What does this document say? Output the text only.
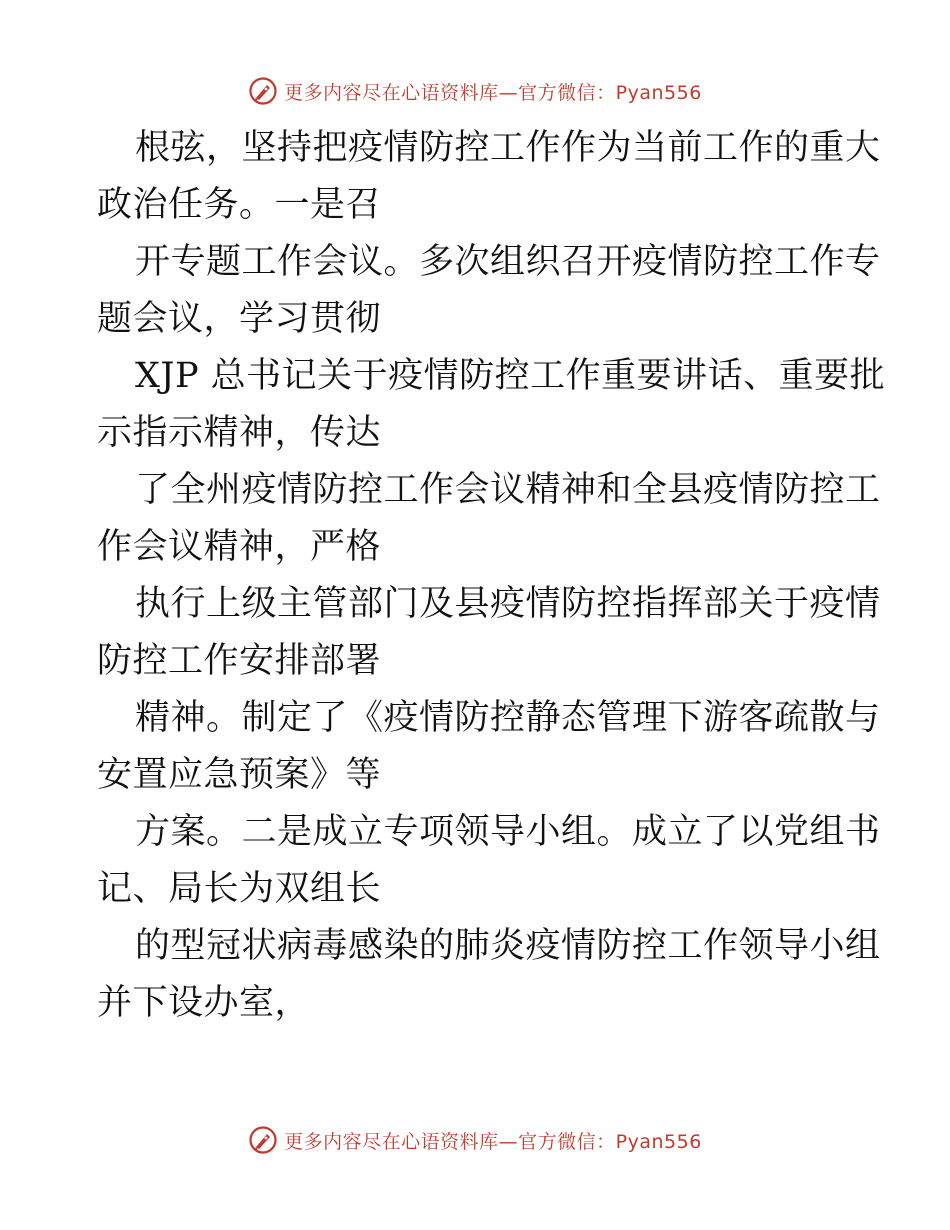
更多内容尽在心语资料库—官方微信：Pyan556
根弦，坚持把疫情防控工作作为当前工作的重大
政治任务。一是召
开专题工作会议。多次组织召开疫情防控工作专
题会议，学习贯彻
XJP 总书记关于疫情防控工作重要讲话、重要批
示指示精神，传达
了全州疫情防控工作会议精神和全县疫情防控工
作会议精神，严格
执行上级主管部门及县疫情防控指挥部关于疫情
防控工作安排部署
精神。制定了《疫情防控静态管理下游客疏散与
安置应急预案》等
方案。二是成立专项领导小组。成立了以党组书
记、局长为双组长
的型冠状病毒感染的肺炎疫情防控工作领导小组
并下设办室，
更多内容尽在心语资料库—官方微信：Pyan556
